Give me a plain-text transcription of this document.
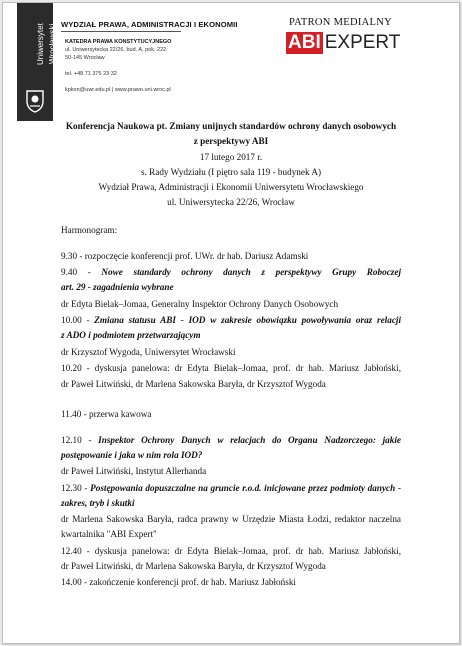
Uniwersytet Wrocławski WYDZIAŁ PRAWA, ADMINISTRACJI I EKONOMII
KATEDRA PRAWA KONSTYTUCYJNEGO
ul. Uniwersytecka 22/26, bud. A, pok. 222
50-145 Wrocław
tel. +48 71 375 23 32
kpkon@uwr.edu.pl | www.prawo.uni.wroc.pl
PATRON MEDIALNY
ABI EXPERT
Konferencja Naukowa pt. Zmiany unijnych standardów ochrony danych osobowych
z perspektywy ABI
17 lutego 2017 r.
s. Rady Wydziału (I piętro sala 119 - budynek A)
Wydział Prawa, Administracji i Ekonomii Uniwersytetu Wrocławskiego
ul. Uniwersytecka 22/26, Wrocław
Harmonogram:
9.30 - rozpoczęcie konferencji prof. UWr. dr hab. Dariusz Adamski
9.40 - Nowe standardy ochrony danych z perspektywy Grupy Roboczej
art. 29 - zagadnienia wybrane
dr Edyta Bielak–Jomaa, Generalny Inspektor Ochrony Danych Osobowych
10.00 - Zmiana statusu ABI - IOD w zakresie obowiązku powoływania oraz relacji
z ADO i podmiotem przetwarzającym
dr Krzysztof Wygoda, Uniwersytet Wrocławski
10.20 - dyskusja panelowa: dr Edyta Bielak–Jomaa, prof. dr hab. Mariusz Jabłoński,
dr Paweł Litwiński, dr Marlena Sakowska Baryła, dr Krzysztof Wygoda
11.40 - przerwa kawowa
12.10 - Inspektor Ochrony Danych w relacjach do Organu Nadzorczego: jakie
postępowanie i jaka w nim rola IOD?
dr Paweł Litwiński, Instytut Allerhanda
12.30 - Postępowania dopuszczalne na gruncie r.o.d. inicjowane przez podmioty danych -
zakres, tryb i skutki
dr Marlena Sakowska Baryła, radca prawny w Urzędzie Miasta Łodzi, redaktor naczelna
kwartalnika "ABI Expert"
12.40 - dyskusja panelowa: dr Edyta Bielak–Jomaa, prof. dr hab. Mariusz Jabłoński,
dr Paweł Litwiński, dr Marlena Sakowska Baryła, dr Krzysztof Wygoda
14.00 - zakończenie konferencji prof. dr hab. Mariusz Jabłoński
